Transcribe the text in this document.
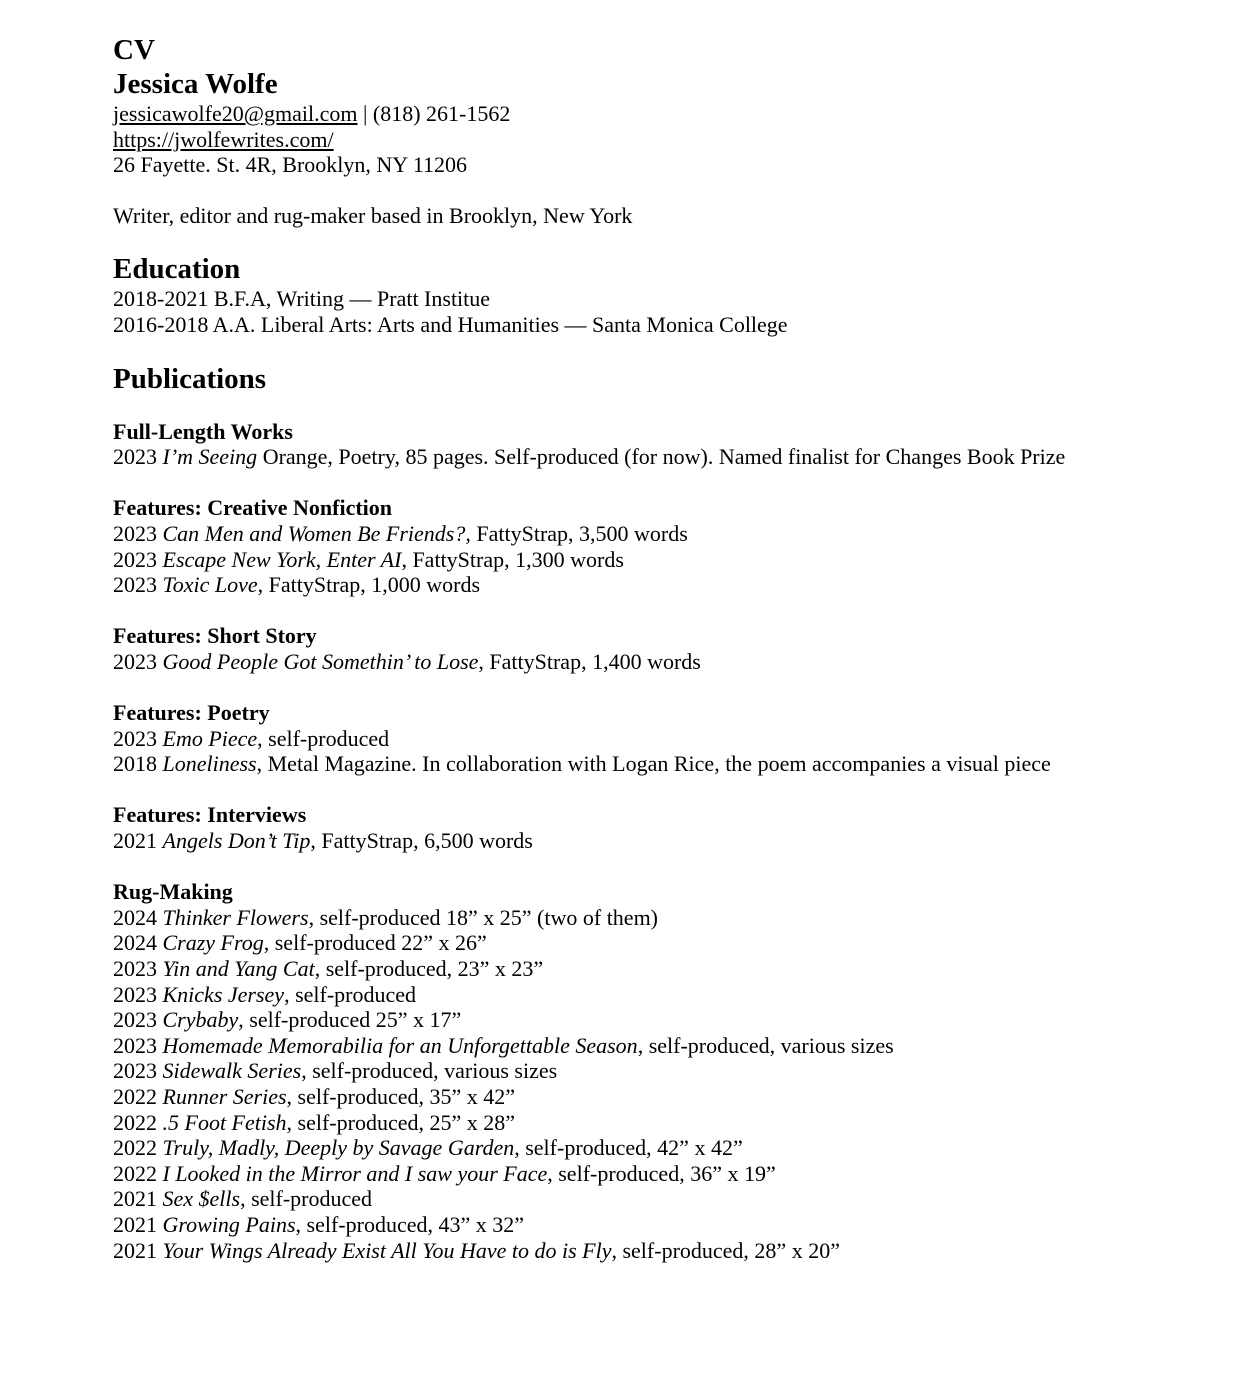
CV
Jessica Wolfe
jessicawolfe20@gmail.com | (818) 261-1562
https://jwolfewrites.com/
26 Fayette. St. 4R, Brooklyn, NY 11206
Writer, editor and rug-maker based in Brooklyn, New York
Education
2018-2021 B.F.A, Writing — Pratt Institue
2016-2018 A.A. Liberal Arts: Arts and Humanities — Santa Monica College
Publications
Full-Length Works
2023 I’m Seeing Orange, Poetry, 85 pages. Self-produced (for now). Named finalist for Changes Book Prize
Features: Creative Nonfiction
2023 Can Men and Women Be Friends?, FattyStrap, 3,500 words
2023 Escape New York, Enter AI, FattyStrap, 1,300 words
2023 Toxic Love, FattyStrap, 1,000 words
Features: Short Story
2023 Good People Got Somethin’ to Lose, FattyStrap, 1,400 words
Features: Poetry
2023 Emo Piece, self-produced
2018 Loneliness, Metal Magazine. In collaboration with Logan Rice, the poem accompanies a visual piece
Features: Interviews
2021 Angels Don’t Tip, FattyStrap, 6,500 words
Rug-Making
2024 Thinker Flowers, self-produced 18” x 25” (two of them)
2024 Crazy Frog, self-produced 22” x 26”
2023 Yin and Yang Cat, self-produced, 23” x 23”
2023 Knicks Jersey, self-produced
2023 Crybaby, self-produced 25” x 17”
2023 Homemade Memorabilia for an Unforgettable Season, self-produced, various sizes
2023 Sidewalk Series, self-produced, various sizes
2022 Runner Series, self-produced, 35” x 42”
2022 .5 Foot Fetish, self-produced, 25” x 28”
2022 Truly, Madly, Deeply by Savage Garden, self-produced, 42” x 42”
2022 I Looked in the Mirror and I saw your Face, self-produced, 36” x 19”
2021 Sex $ells, self-produced
2021 Growing Pains, self-produced, 43” x 32”
2021 Your Wings Already Exist All You Have to do is Fly, self-produced, 28” x 20”
